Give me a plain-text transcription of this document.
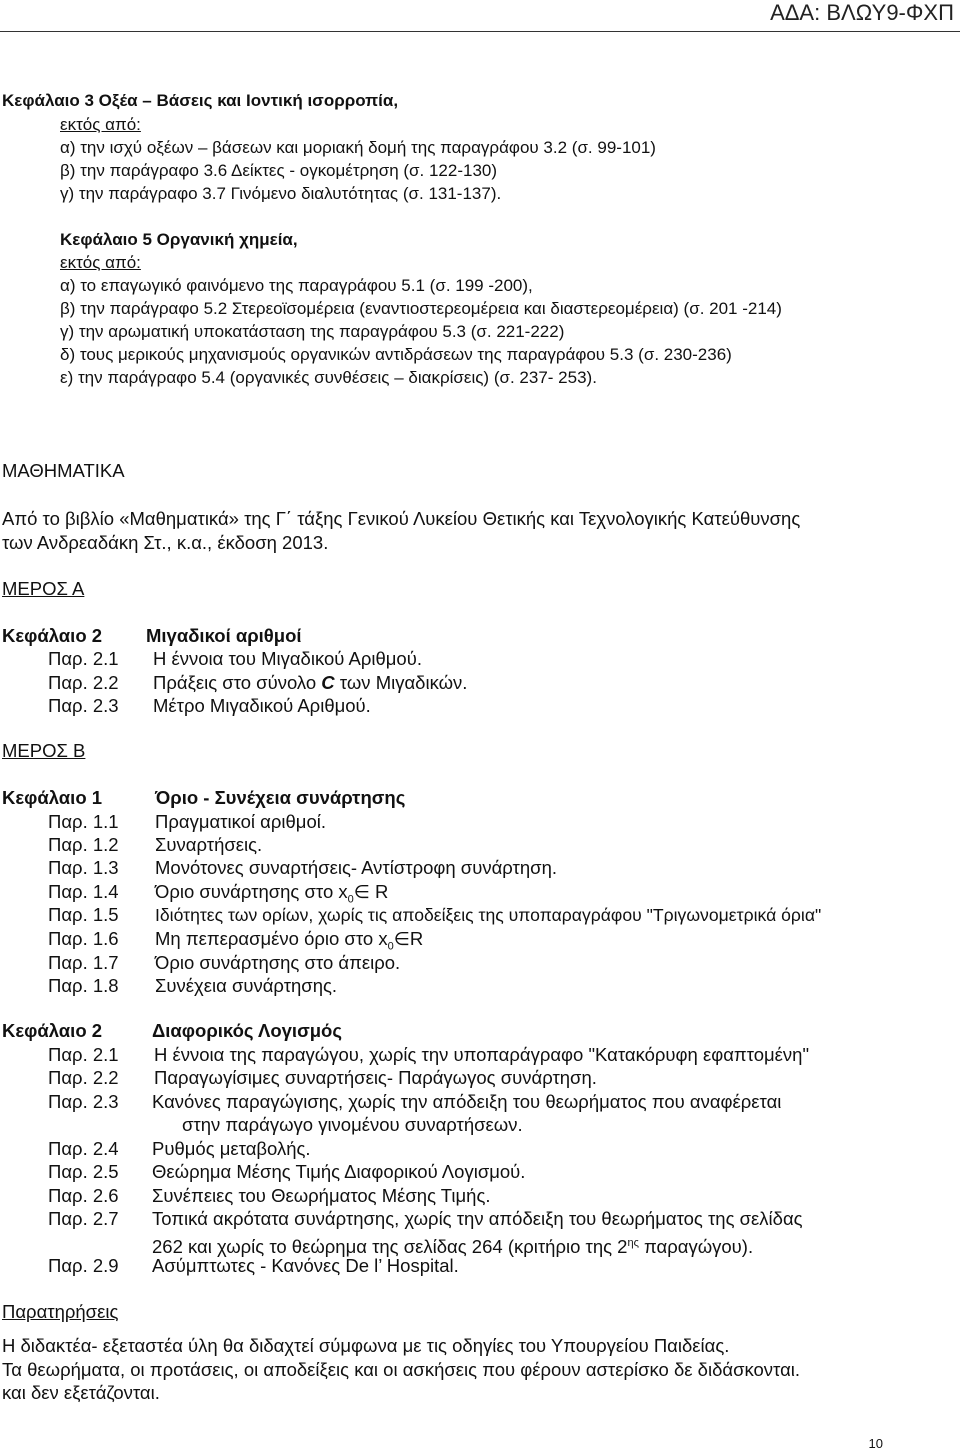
ΑΔΑ: ΒΛΩΥ9-ΦΧΠ
Κεφάλαιο 3 Οξέα – Βάσεις και Ιοντική ισορροπία,
εκτός από:
α) την ισχύ οξέων – βάσεων και μοριακή δομή της παραγράφου 3.2 (σ. 99-101)
β) την παράγραφο 3.6 Δείκτες - ογκομέτρηση (σ. 122-130)
γ) την παράγραφο 3.7 Γινόμενο διαλυτότητας (σ. 131-137).
Κεφάλαιο 5 Οργανική χημεία,
εκτός από:
α) το επαγωγικό φαινόμενο της παραγράφου 5.1 (σ. 199 -200),
β) την παράγραφο 5.2 Στερεοϊσομέρεια (εναντιοστερεομέρεια και διαστερεομέρεια) (σ. 201 -214)
γ) την αρωματική υποκατάσταση της παραγράφου 5.3 (σ. 221-222)
δ) τους μερικούς μηχανισμούς οργανικών αντιδράσεων της παραγράφου 5.3 (σ. 230-236)
ε) την παράγραφο 5.4 (οργανικές συνθέσεις – διακρίσεις) (σ. 237- 253).
ΜΑΘΗΜΑΤΙΚΑ
Από το βιβλίο «Μαθηματικά» της Γ΄ τάξης Γενικού Λυκείου Θετικής και Τεχνολογικής Κατεύθυνσης
των Ανδρεαδάκη Στ., κ.α., έκδοση 2013.
ΜΕΡΟΣ Α
Κεφάλαιο 2 Μιγαδικοί αριθμοί
Παρ. 2.1 Η έννοια του Μιγαδικού Αριθμού.
Παρ. 2.2 Πράξεις στο σύνολο C των Μιγαδικών.
Παρ. 2.3 Μέτρο Μιγαδικού Αριθμού.
ΜΕΡΟΣ Β
Κεφάλαιο 1	Όριο - Συνέχεια συνάρτησης
Παρ. 1.1 Πραγματικοί αριθμοί.
Παρ. 1.2 Συναρτήσεις.
Παρ. 1.3 Μονότονες συναρτήσεις- Αντίστροφη συνάρτηση.
Παρ. 1.4 Όριο συνάρτησης στο $x_0\in$ R
Παρ. 1.5 Ιδιότητες των ορίων, χωρίς τις αποδείξεις της υποπαραγράφου "Τριγωνομετρικά όρια"
Παρ. 1.6 Μη πεπερασμένο όριο στο $x_0\in R$
Παρ. 1.7 Όριο συνάρτησης στο άπειρο.
Παρ. 1.8 Συνέχεια συνάρτησης.
Κεφάλαιο 2	Διαφορικός Λογισμός
Παρ. 2.1 Η έννοια της παραγώγου, χωρίς την υποπαράγραφο "Κατακόρυφη εφαπτομένη"
Παρ. 2.2 Παραγωγίσιμες συναρτήσεις- Παράγωγος συνάρτηση.
Παρ. 2.3 Κανόνες παραγώγισης, χωρίς την απόδειξη του θεωρήματος που αναφέρεται
στην παράγωγο γινομένου συναρτήσεων.
Παρ. 2.4 Ρυθμός μεταβολής.
Παρ. 2.5 Θεώρημα Μέσης Τιμής Διαφορικού Λογισμού.
Παρ. 2.6 Συνέπειες του Θεωρήματος Μέσης Τιμής.
Παρ. 2.7 Τοπικά ακρότατα συνάρτησης, χωρίς την απόδειξη του θεωρήματος της σελίδας
262 και χωρίς το θεώρημα της σελίδας 264 (κριτήριο της $2^{\eta\varsigma}$ παραγώγου).
Παρ. 2.9 Ασύμπτωτες - Κανόνες De l’ Hospital.
Παρατηρήσεις
Η διδακτέα- εξεταστέα ύλη θα διδαχτεί σύμφωνα με τις οδηγίες του Υπουργείου Παιδείας.
Τα θεωρήματα, οι προτάσεις, οι αποδείξεις και οι ασκήσεις που φέρουν αστερίσκο δε διδάσκονται.
και δεν εξετάζονται.
10
